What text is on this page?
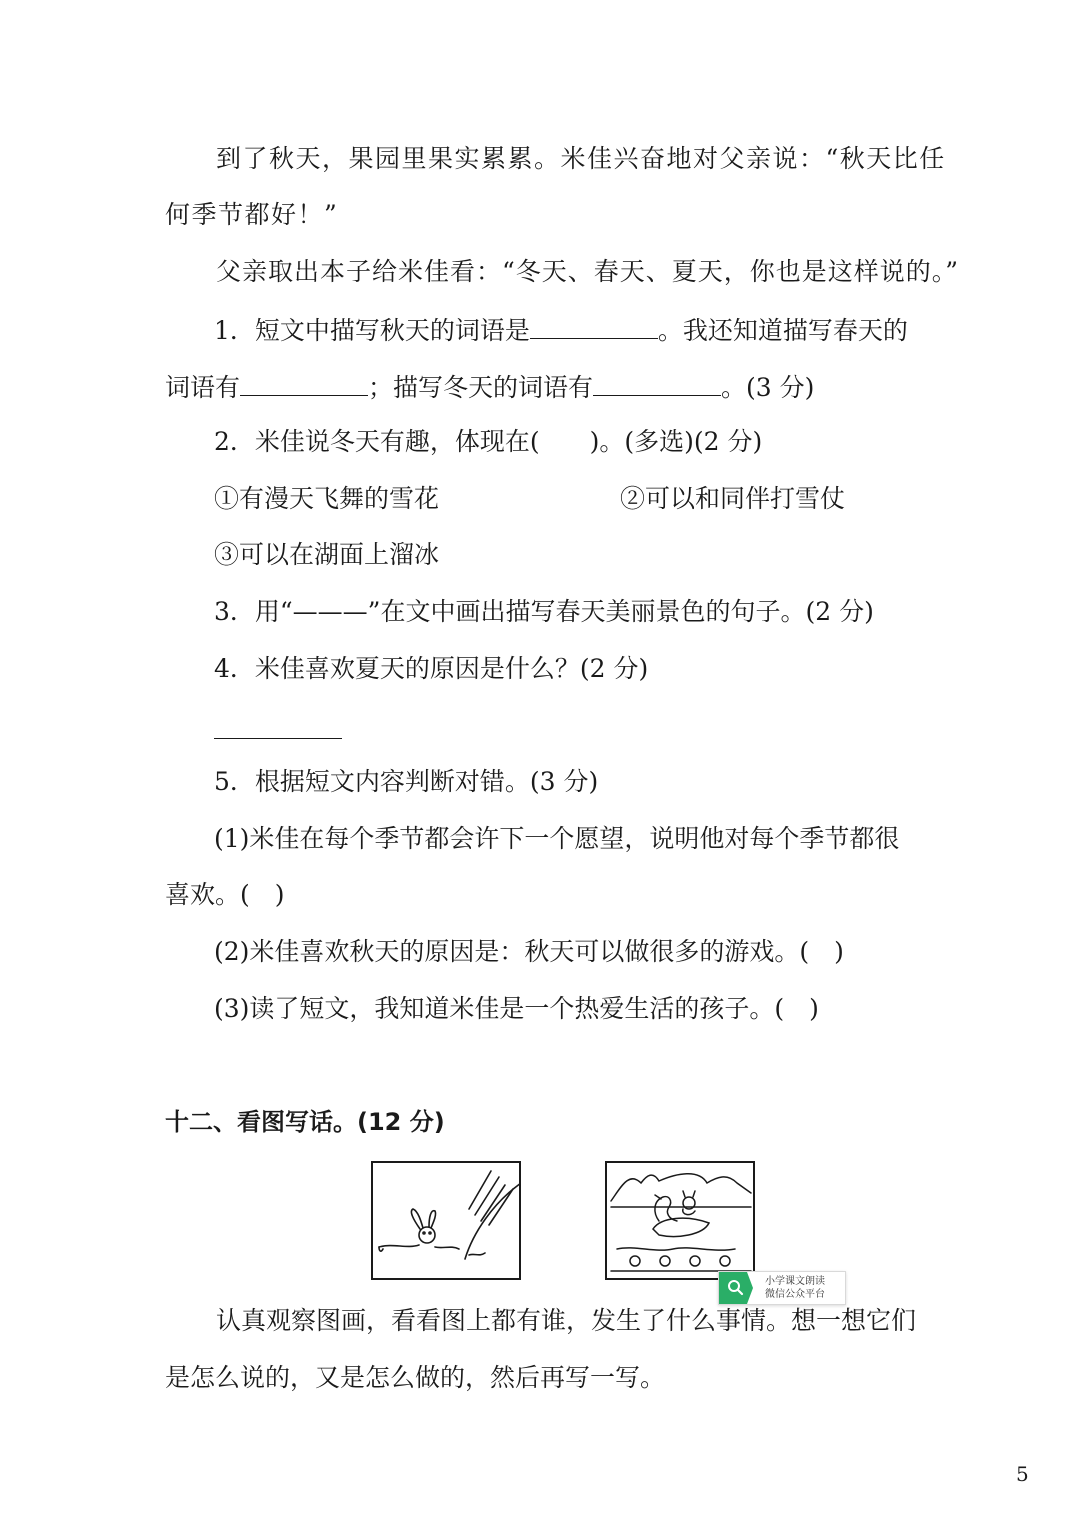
到了秋天，果园里果实累累。米佳兴奋地对父亲说：“秋天比任
何季节都好！”
父亲取出本子给米佳看：“冬天、春天、夏天，你也是这样说的。”
1．短文中描写秋天的词语是	。我还知道描写春天的
词语有	；描写冬天的词语有	。(3 分)
2．米佳说冬天有趣，体现在(　　)。(多选)(2 分)
①有漫天飞舞的雪花	②可以和同伴打雪仗
③可以在湖面上溜冰
3．用“———”在文中画出描写春天美丽景色的句子。(2 分)
4．米佳喜欢夏天的原因是什么？(2 分)
5．根据短文内容判断对错。(3 分)
(1)米佳在每个季节都会许下一个愿望，说明他对每个季节都很
喜欢。(　)
(2)米佳喜欢秋天的原因是：秋天可以做很多的游戏。(　)
(3)读了短文，我知道米佳是一个热爱生活的孩子。(　)
十二、看图写话。(12 分)
小学课文朗读
微信公众平台
认真观察图画，看看图上都有谁，发生了什么事情。想一想它们
是怎么说的，又是怎么做的，然后再写一写。
5
